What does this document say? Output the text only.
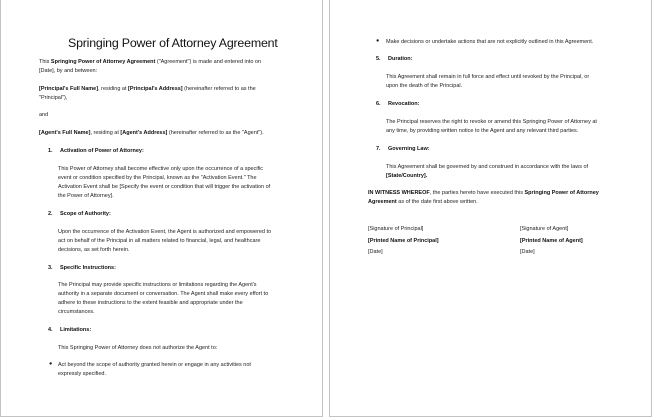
Springing Power of Attorney Agreement
This Springing Power of Attorney Agreement ("Agreement") is made and entered into on
[Date], by and between:
[Principal's Full Name], residing at [Principal's Address] (hereinafter referred to as the
"Principal"),
and
[Agent's Full Name], residing at [Agent's Address] (hereinafter referred to as the "Agent").
1. Activation of Power of Attorney:
This Power of Attorney shall become effective only upon the occurrence of a specific
event or condition specified by the Principal, known as the "Activation Event." The
Activation Event shall be [Specify the event or condition that will trigger the activation of
the Power of Attorney].
2. Scope of Authority:
Upon the occurrence of the Activation Event, the Agent is authorized and empowered to
act on behalf of the Principal in all matters related to financial, legal, and healthcare
decisions, as set forth herein.
3. Specific Instructions:
The Principal may provide specific instructions or limitations regarding the Agent's
authority in a separate document or conversation. The Agent shall make every effort to
adhere to these instructions to the extent feasible and appropriate under the
circumstances.
4. Limitations:
This Springing Power of Attorney does not authorize the Agent to:
● Act beyond the scope of authority granted herein or engage in any activities not
expressly specified.
● Make decisions or undertake actions that are not explicitly outlined in this Agreement.
5. Duration:
This Agreement shall remain in full force and effect until revoked by the Principal, or
upon the death of the Principal.
6. Revocation:
The Principal reserves the right to revoke or amend this Springing Power of Attorney at
any time, by providing written notice to the Agent and any relevant third parties.
7. Governing Law:
This Agreement shall be governed by and construed in accordance with the laws of
[State/Country].
IN WITNESS WHEREOF, the parties hereto have executed this Springing Power of Attorney
Agreement as of the date first above written.
[Signature of Principal]
[Printed Name of Principal]
[Date]
[Signature of Agent]
[Printed Name of Agent]
[Date]
